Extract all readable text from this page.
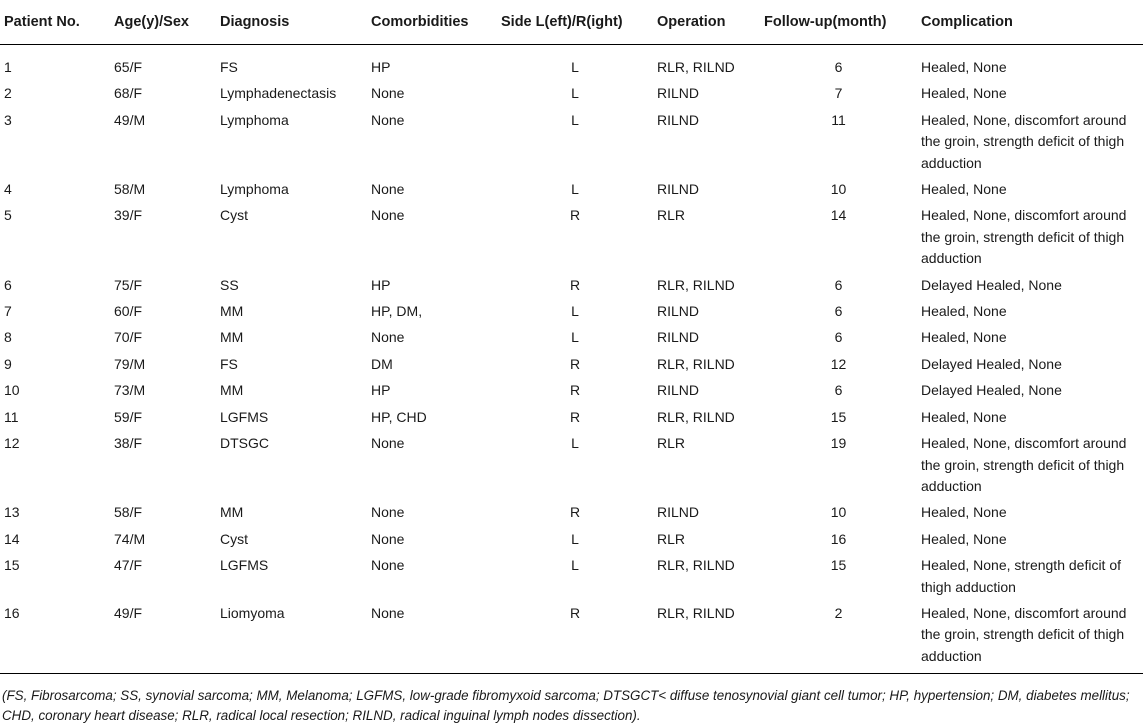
Patient No.	Age(y)/Sex	Diagnosis	Comorbidities	Side L(eft)/R(ight)	Operation	Follow-up(month)	Complication
1	65/F	FS	HP	L	RLR, RILND	6	Healed, None
2	68/F	Lymphadenectasis	None	L	RILND	7	Healed, None
3	49/M	Lymphoma	None	L	RILND	11	Healed, None, discomfort around the groin, strength deficit of thigh adduction
4	58/M	Lymphoma	None	L	RILND	10	Healed, None
5	39/F	Cyst	None	R	RLR	14	Healed, None, discomfort around the groin, strength deficit of thigh adduction
6	75/F	SS	HP	R	RLR, RILND	6	Delayed Healed, None
7	60/F	MM	HP, DM,	L	RILND	6	Healed, None
8	70/F	MM	None	L	RILND	6	Healed, None
9	79/M	FS	DM	R	RLR, RILND	12	Delayed Healed, None
10	73/M	MM	HP	R	RILND	6	Delayed Healed, None
11	59/F	LGFMS	HP, CHD	R	RLR, RILND	15	Healed, None
12	38/F	DTSGC	None	L	RLR	19	Healed, None, discomfort around the groin, strength deficit of thigh adduction
13	58/F	MM	None	R	RILND	10	Healed, None
14	74/M	Cyst	None	L	RLR	16	Healed, None
15	47/F	LGFMS	None	L	RLR, RILND	15	Healed, None, strength deficit of thigh adduction
16	49/F	Liomyoma	None	R	RLR, RILND	2	Healed, None, discomfort around the groin, strength deficit of thigh adduction
(FS, Fibrosarcoma; SS, synovial sarcoma; MM, Melanoma; LGFMS, low-grade fibromyxoid sarcoma; DTSGCT< diffuse tenosynovial giant cell tumor; HP, hypertension; DM, diabetes mellitus; CHD, coronary heart disease; RLR, radical local resection; RILND, radical inguinal lymph nodes dissection).
